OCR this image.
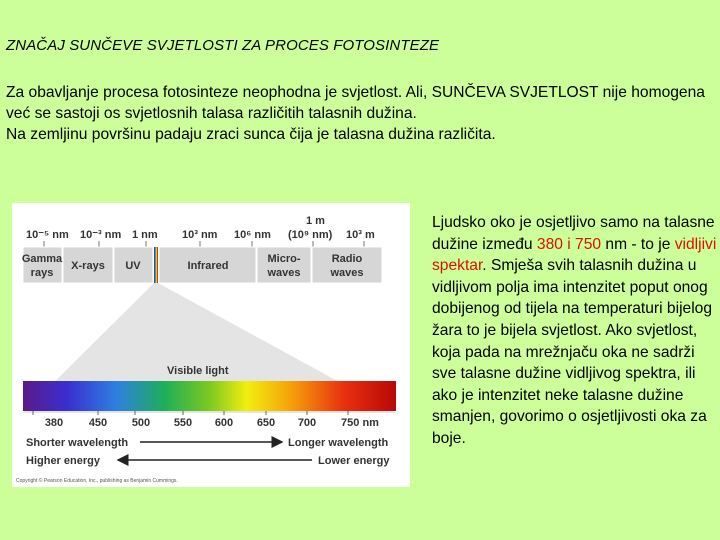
ZNAČAJ SUNČEVE SVJETLOSTI ZA PROCES FOTOSINTEZE

Za obavljanje procesa fotosinteze neophodna je svjetlost. Ali, SUNČEVA SVJETLOST nije homogena već se sastoji os svjetlosnih talasa različitih talasnih dužina.

Na zemljinu površinu padaju zraci sunca čija je talasna dužina različita.

10⁻⁵ nm 10⁻³ nm 1 nm 10³ nm 10⁶ nm
1 m
(10⁹ nm) 10³ m
Gamma
rays
X-rays UV	Infrared
Micro-
waves
Radio
waves
Visible light
380 450 500 550 600 650 700 750 nm
Shorter wavelength	Longer wavelength
Higher energy	Lower energy
Copyright © Pearson Education, Inc., publishing as Benjamin Cummings.
Ljudsko oko je osjetljivo samo na talasne dužine između 380 i 750 nm - to je vidljivi spektar. Smješa svih talasnih dužina u vidljivom polja ima intenzitet poput onog dobijenog od tijela na temperaturi bijelog žara to je bijela svjetlost. Ako svjetlost, koja pada na mrežnjaču oka ne sadrži sve talasne dužine vidljivog spektra, ili ako je intenzitet neke talasne dužine smanjen, govorimo o osjetljivosti oka za boje.
